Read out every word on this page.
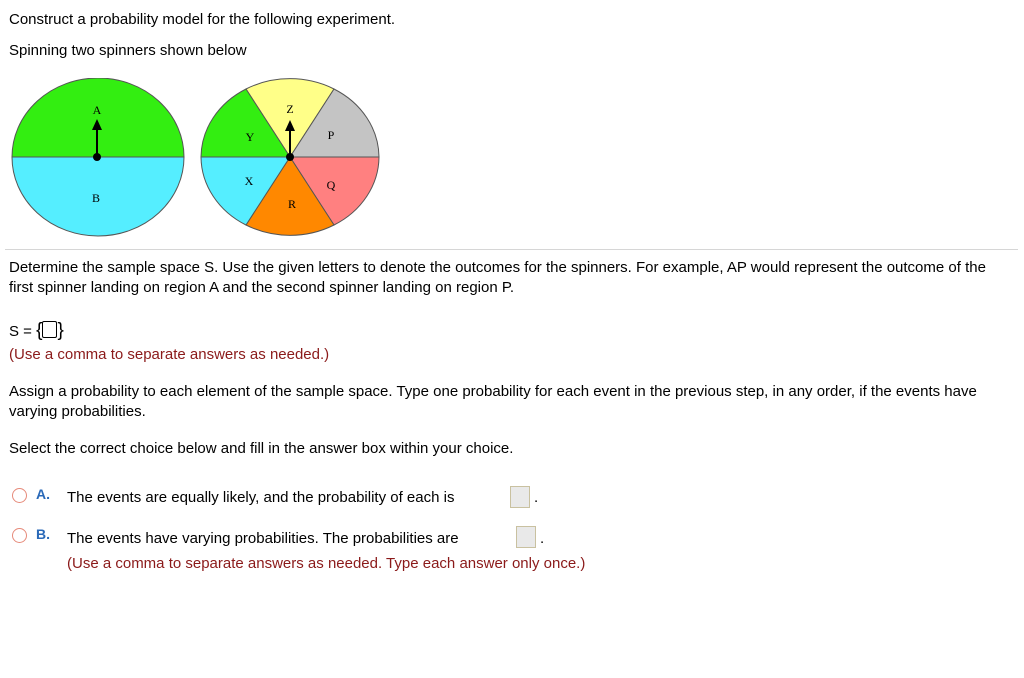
Construct a probability model for the following experiment.
Spinning two spinners shown below
A
B
Z
P
Q
R
X
Y
Determine the sample space S. Use the given letters to denote the outcomes for the spinners. For example, AP would represent the outcome of the first spinner landing on region A and the second spinner landing on region P.
S = { }
(Use a comma to separate answers as needed.)
Assign a probability to each element of the sample space. Type one probability for each event in the previous step, in any order, if the events have varying probabilities.
Select the correct choice below and fill in the answer box within your choice.
A. The events are equally likely, and the probability of each is	.
B. The events have varying probabilities. The probabilities are	.
(Use a comma to separate answers as needed. Type each answer only once.)
